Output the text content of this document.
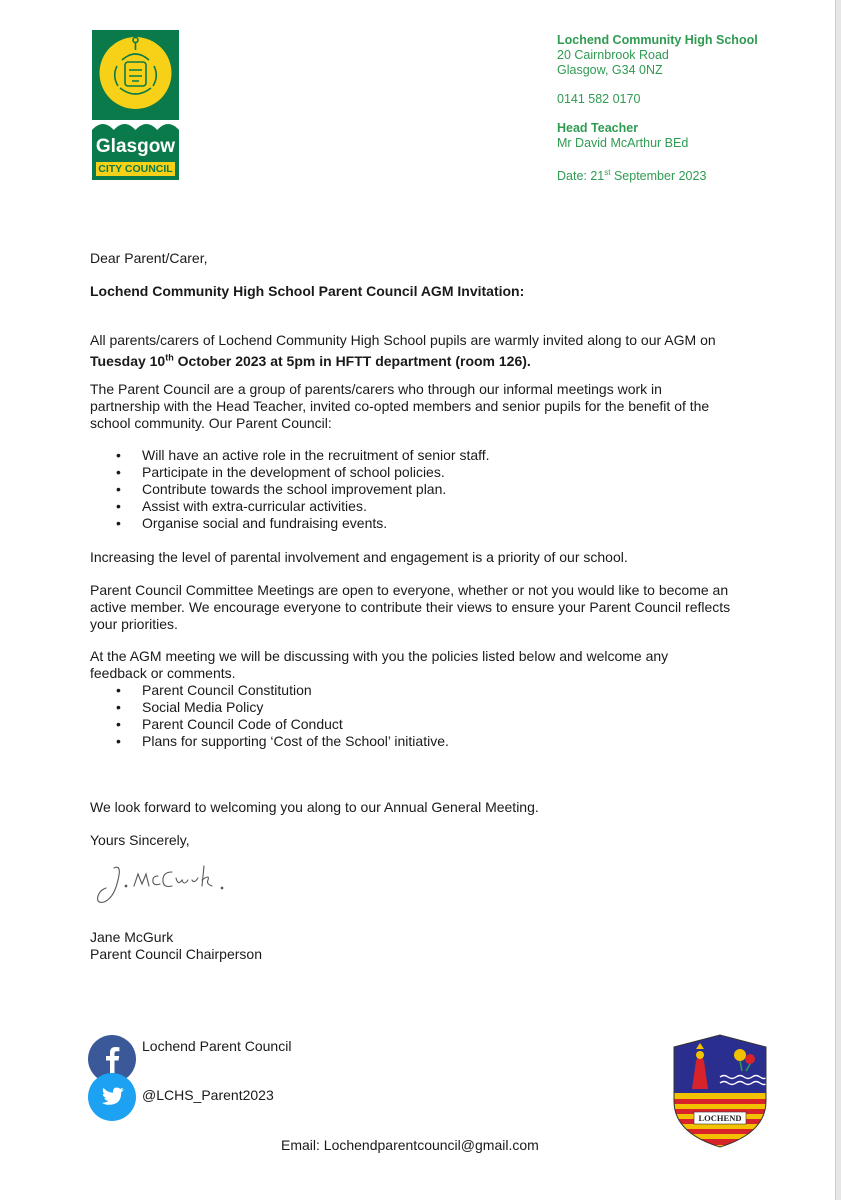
Glasgow
CITY COUNCIL
Lochend Community High School
20 Cairnbrook Road
Glasgow, G34 0NZ
0141 582 0170
Head Teacher
Mr David McArthur BEd
Date: 21st September 2023

Dear Parent/Carer,

Lochend Community High School Parent Council AGM Invitation:

All parents/carers of Lochend Community High School pupils are warmly invited along to our AGM on
Tuesday 10th October 2023 at 5pm in HFTT department (room 126).

The Parent Council are a group of parents/carers who through our informal meetings work in partnership with the Head Teacher, invited co-opted members and senior pupils for the benefit of the school community. Our Parent Council:

• Will have an active role in the recruitment of senior staff.
• Participate in the development of school policies.
• Contribute towards the school improvement plan.
• Assist with extra-curricular activities.
• Organise social and fundraising events.

Increasing the level of parental involvement and engagement is a priority of our school.

Parent Council Committee Meetings are open to everyone, whether or not you would like to become an active member. We encourage everyone to contribute their views to ensure your Parent Council reflects your priorities.

At the AGM meeting we will be discussing with you the policies listed below and welcome any feedback or comments.

• Parent Council Constitution
• Social Media Policy
• Parent Council Code of Conduct
• Plans for supporting ‘Cost of the School’ initiative.

We look forward to welcoming you along to our Annual General Meeting.

Yours Sincerely,

Jane McGurk

Parent Council Chairperson

Lochend Parent Council
@LCHS_Parent2023
Email: Lochendparentcouncil@gmail.com
LOCHEND
